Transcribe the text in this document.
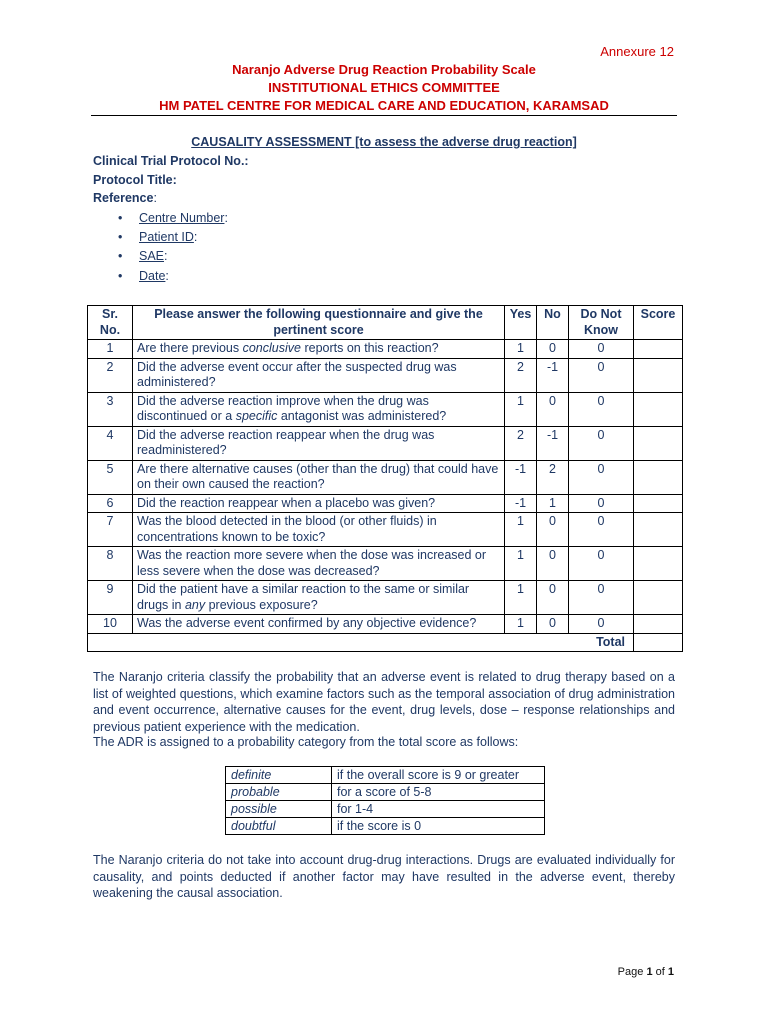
Annexure 12
Naranjo Adverse Drug Reaction Probability Scale
INSTITUTIONAL ETHICS COMMITTEE
HM PATEL CENTRE FOR MEDICAL CARE AND EDUCATION, KARAMSAD
CAUSALITY ASSESSMENT [to assess the adverse drug reaction]
Clinical Trial Protocol No.:
Protocol Title:
Reference:
• Centre Number:
• Patient ID:
• SAE:
• Date:
Sr. No.	Please answer the following questionnaire and give the pertinent score	Yes	No	Do Not Know	Score
1	Are there previous conclusive reports on this reaction?	1	0	0	
2	Did the adverse event occur after the suspected drug was administered?	2	-1	0	
3	Did the adverse reaction improve when the drug was discontinued or a specific antagonist was administered?	1	0	0	
4	Did the adverse reaction reappear when the drug was readministered?	2	-1	0	
5	Are there alternative causes (other than the drug) that could have on their own caused the reaction?	-1	2	0	
6	Did the reaction reappear when a placebo was given?	-1	1	0	
7	Was the blood detected in the blood (or other fluids) in concentrations known to be toxic?	1	0	0	
8	Was the reaction more severe when the dose was increased or less severe when the dose was decreased?	1	0	0	
9	Did the patient have a similar reaction to the same or similar drugs in any previous exposure?	1	0	0	
10	Was the adverse event confirmed by any objective evidence?	1	0	0	
Total					
The Naranjo criteria classify the probability that an adverse event is related to drug therapy based on a list of weighted questions, which examine factors such as the temporal association of drug administration and event occurrence, alternative causes for the event, drug levels, dose – response relationships and previous patient experience with the medication.
The ADR is assigned to a probability category from the total score as follows:
definite	if the overall score is 9 or greater
probable	for a score of 5-8
possible	for 1-4
doubtful	if the score is 0
The Naranjo criteria do not take into account drug-drug interactions. Drugs are evaluated individually for causality, and points deducted if another factor may have resulted in the adverse event, thereby weakening the causal association.
Page 1 of 1
